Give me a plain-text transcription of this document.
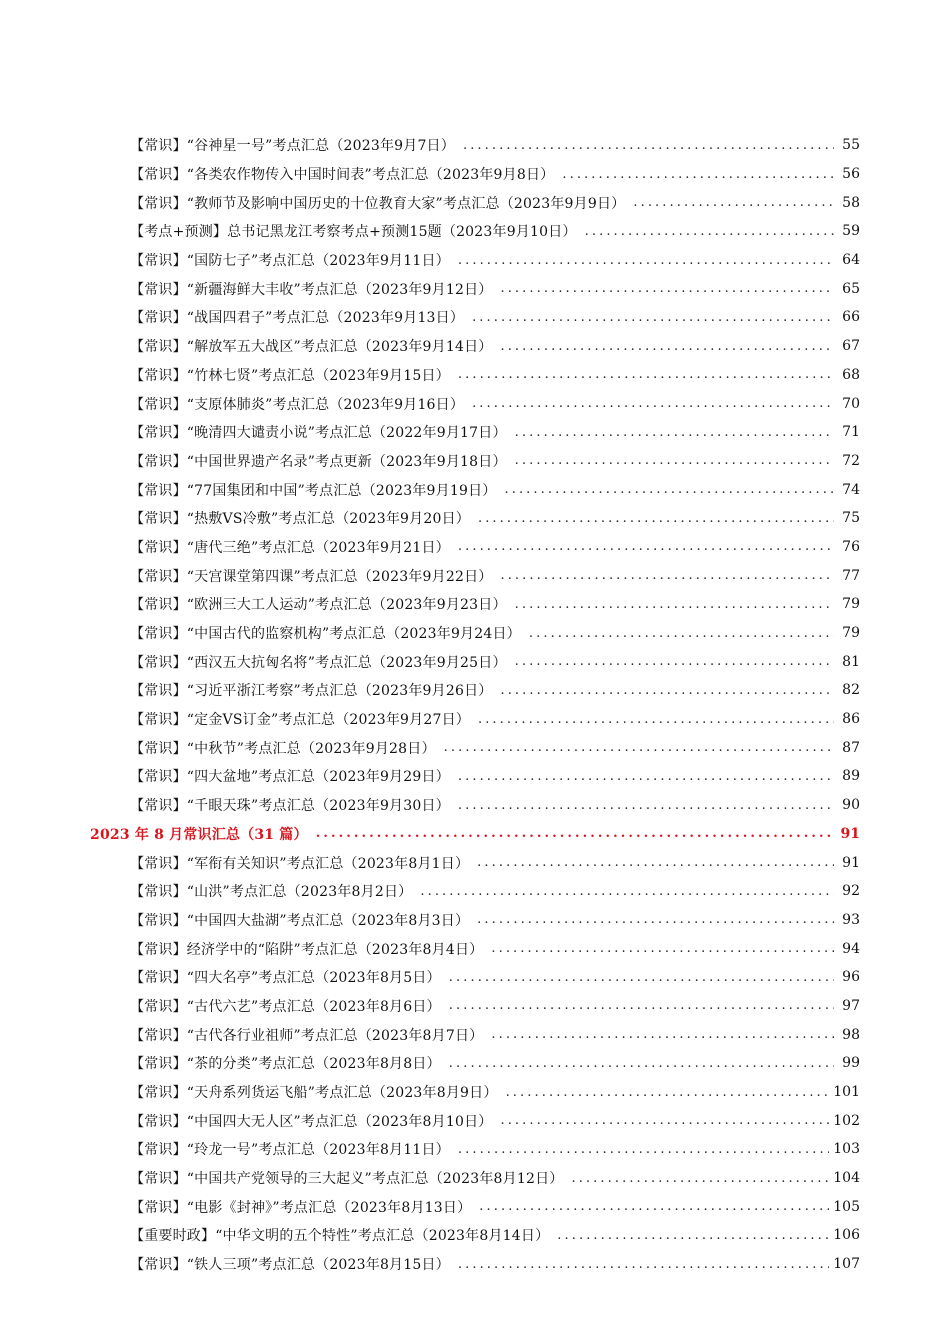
【常识】“谷神星一号”考点汇总（2023年9月7日） .....	55
【常识】“各类农作物传入中国时间表”考点汇总（2023年9月8日） .....	56
【常识】“教师节及影响中国历史的十位教育大家”考点汇总（2023年9月9日） .....	58
【考点+预测】总书记黑龙江考察考点+预测15题（2023年9月10日） .....	59
【常识】“国防七子”考点汇总（2023年9月11日） .....	64
【常识】“新疆海鲜大丰收”考点汇总（2023年9月12日） .....	65
【常识】“战国四君子”考点汇总（2023年9月13日） .....	66
【常识】“解放军五大战区”考点汇总（2023年9月14日） .....	67
【常识】“竹林七贤”考点汇总（2023年9月15日） .....	68
【常识】“支原体肺炎”考点汇总（2023年9月16日） .....	70
【常识】“晚清四大谴责小说”考点汇总（2022年9月17日） .....	71
【常识】“中国世界遗产名录”考点更新（2023年9月18日） .....	72
【常识】“77国集团和中国”考点汇总（2023年9月19日） .....	74
【常识】“热敷VS冷敷”考点汇总（2023年9月20日） .....	75
【常识】“唐代三绝”考点汇总（2023年9月21日） .....	76
【常识】“天宫课堂第四课”考点汇总（2023年9月22日） .....	77
【常识】“欧洲三大工人运动”考点汇总（2023年9月23日） .....	79
【常识】“中国古代的监察机构”考点汇总（2023年9月24日） .....	79
【常识】“西汉五大抗匈名将”考点汇总（2023年9月25日） .....	81
【常识】“习近平浙江考察”考点汇总（2023年9月26日） .....	82
【常识】“定金VS订金”考点汇总（2023年9月27日） .....	86
【常识】“中秋节”考点汇总（2023年9月28日） .....	87
【常识】“四大盆地”考点汇总（2023年9月29日） .....	89
【常识】“千眼天珠”考点汇总（2023年9月30日） .....	90
2023 年 8 月常识汇总（31 篇） .....	91
【常识】“军衔有关知识”考点汇总（2023年8月1日） .....	91
【常识】“山洪”考点汇总（2023年8月2日） .....	92
【常识】“中国四大盐湖”考点汇总（2023年8月3日） .....	93
【常识】经济学中的“陷阱”考点汇总（2023年8月4日） .....	94
【常识】“四大名亭”考点汇总（2023年8月5日） .....	96
【常识】“古代六艺”考点汇总（2023年8月6日） .....	97
【常识】“古代各行业祖师”考点汇总（2023年8月7日） .....	98
【常识】“茶的分类”考点汇总（2023年8月8日） .....	99
【常识】“天舟系列货运飞船”考点汇总（2023年8月9日） .....	101
【常识】“中国四大无人区”考点汇总（2023年8月10日） .....	102
【常识】“玲龙一号”考点汇总（2023年8月11日） .....	103
【常识】“中国共产党领导的三大起义”考点汇总（2023年8月12日） .....	104
【常识】“电影《封神》”考点汇总（2023年8月13日） .....	105
【重要时政】“中华文明的五个特性”考点汇总（2023年8月14日） .....	106
【常识】“铁人三项”考点汇总（2023年8月15日） .....	107
